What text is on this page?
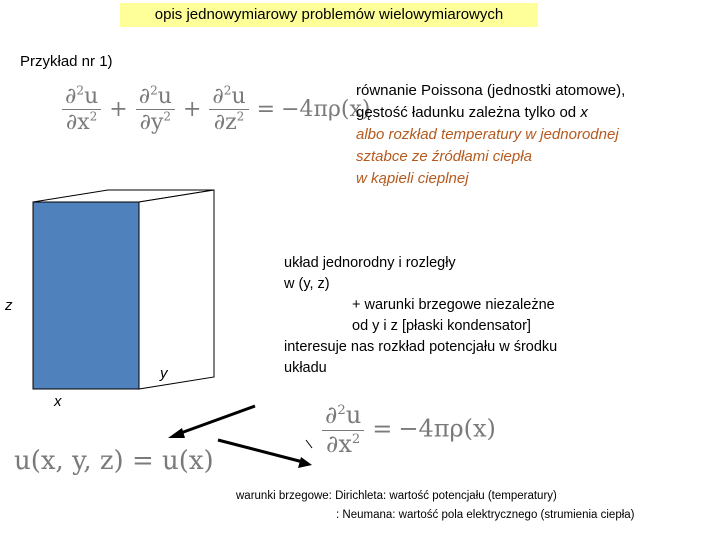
opis jednowymiarowy problemów wielowymiarowych
Przykład nr 1)
$\frac{\partial^2u}{\partial x^2} + \frac{\partial^2u}{\partial y^2} + \frac{\partial^2u}{\partial z^2} = -4\pi\rho(x)$
równanie Poissona (jednostki atomowe),
gęstość ładunku zależna tylko od x
albo rozkład temperatury w jednorodnej
sztabce ze źródłami ciepła
w kąpieli cieplnej
z
y
x
układ jednorodny i rozległy
w (y, z)
+ warunki brzegowe niezależne
od y i z [płaski kondensator]
interesuje nas rozkład potencjału w środku
układu
$\frac{\partial^2u}{\partial x^2} = -4\pi\rho(x)$
u(x, y, z) = u(x)
warunki brzegowe: Dirichleta: wartość potencjału (temperatury)
: Neumana: wartość pola elektrycznego (strumienia ciepła)
